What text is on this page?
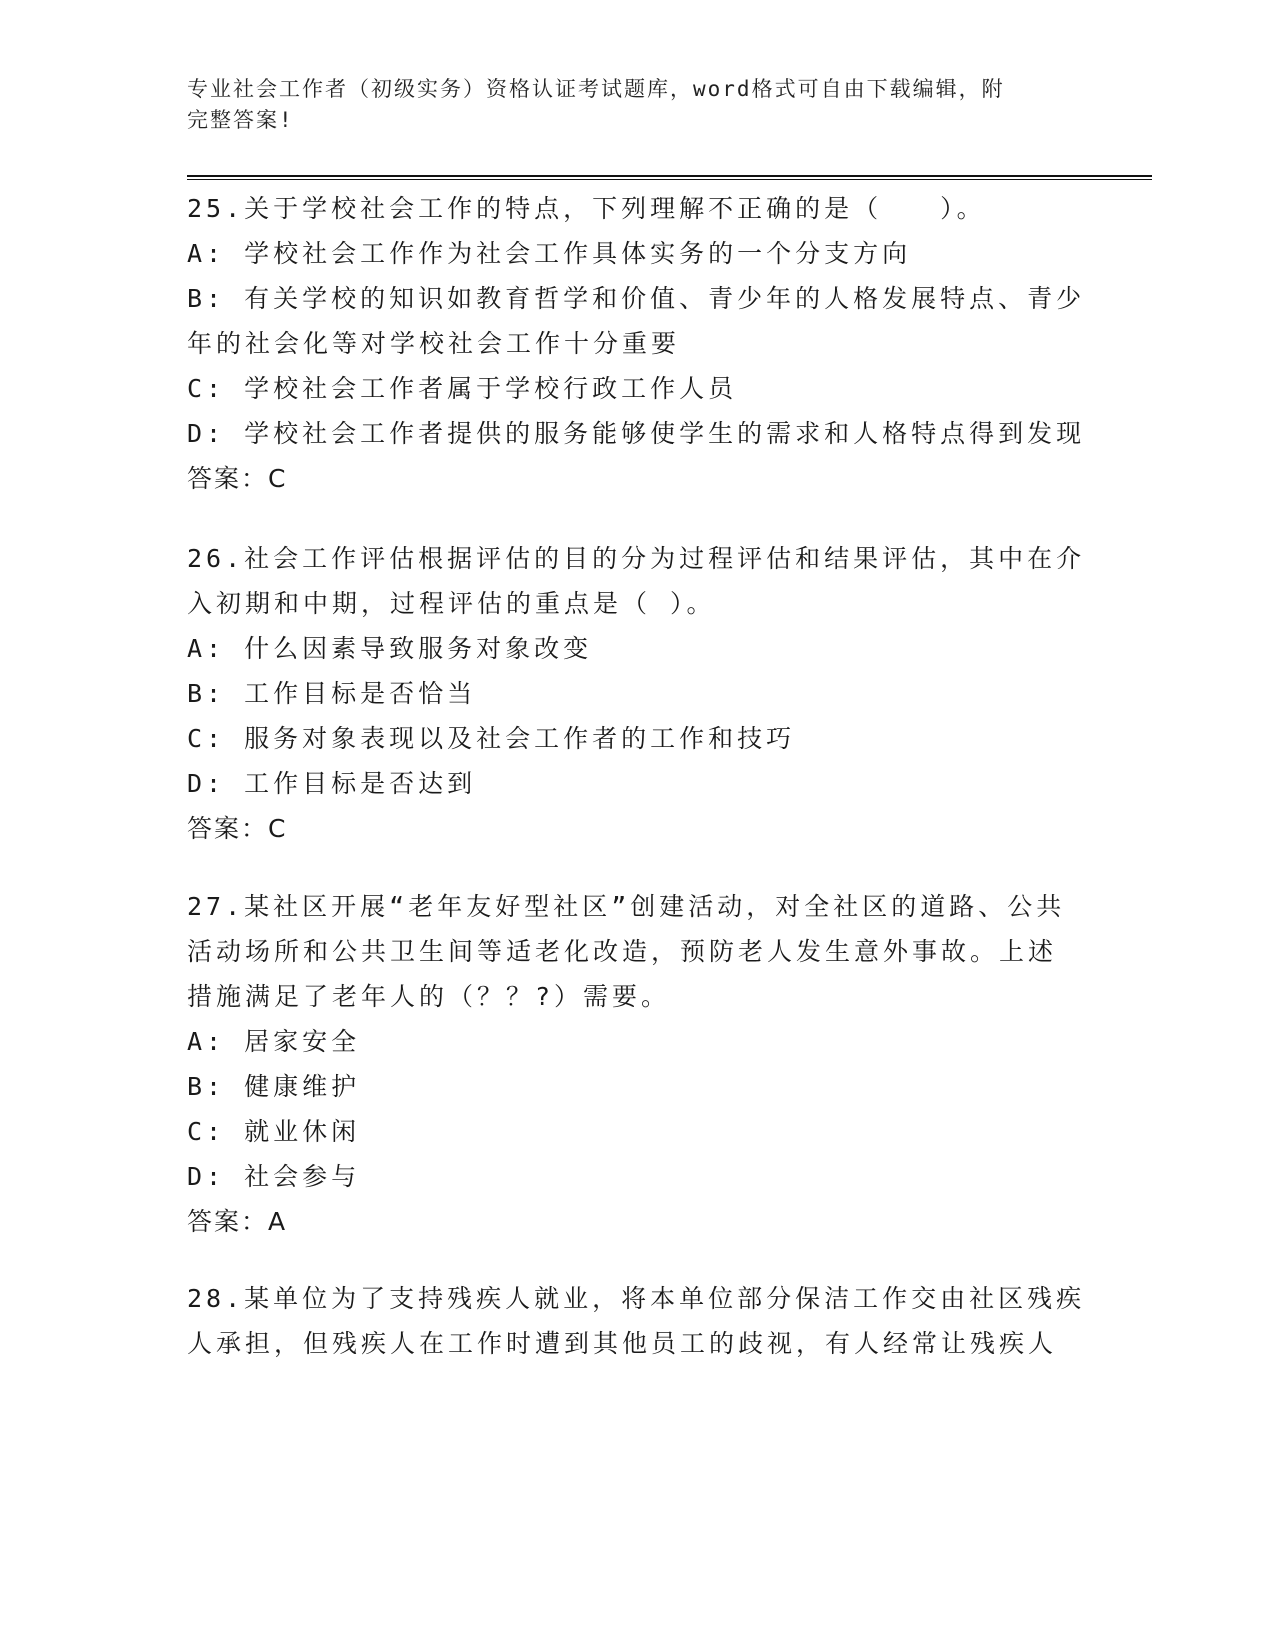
专业社会工作者（初级实务）资格认证考试题库，word格式可自由下载编辑，附
完整答案!
25.关于学校社会工作的特点，下列理解不正确的是（　　）。
A: 学校社会工作作为社会工作具体实务的一个分支方向
B: 有关学校的知识如教育哲学和价值、青少年的人格发展特点、青少
年的社会化等对学校社会工作十分重要
C: 学校社会工作者属于学校行政工作人员
D: 学校社会工作者提供的服务能够使学生的需求和人格特点得到发现
答案：C
26.社会工作评估根据评估的目的分为过程评估和结果评估，其中在介
入初期和中期，过程评估的重点是（ ）。
A: 什么因素导致服务对象改变
B: 工作目标是否恰当
C: 服务对象表现以及社会工作者的工作和技巧
D: 工作目标是否达到
答案：C
27.某社区开展“老年友好型社区”创建活动，对全社区的道路、公共
活动场所和公共卫生间等适老化改造，预防老人发生意外事故。上述
措施满足了老年人的（？？?）需要。
A: 居家安全
B: 健康维护
C: 就业休闲
D: 社会参与
答案：A
28.某单位为了支持残疾人就业，将本单位部分保洁工作交由社区残疾
人承担，但残疾人在工作时遭到其他员工的歧视，有人经常让残疾人
